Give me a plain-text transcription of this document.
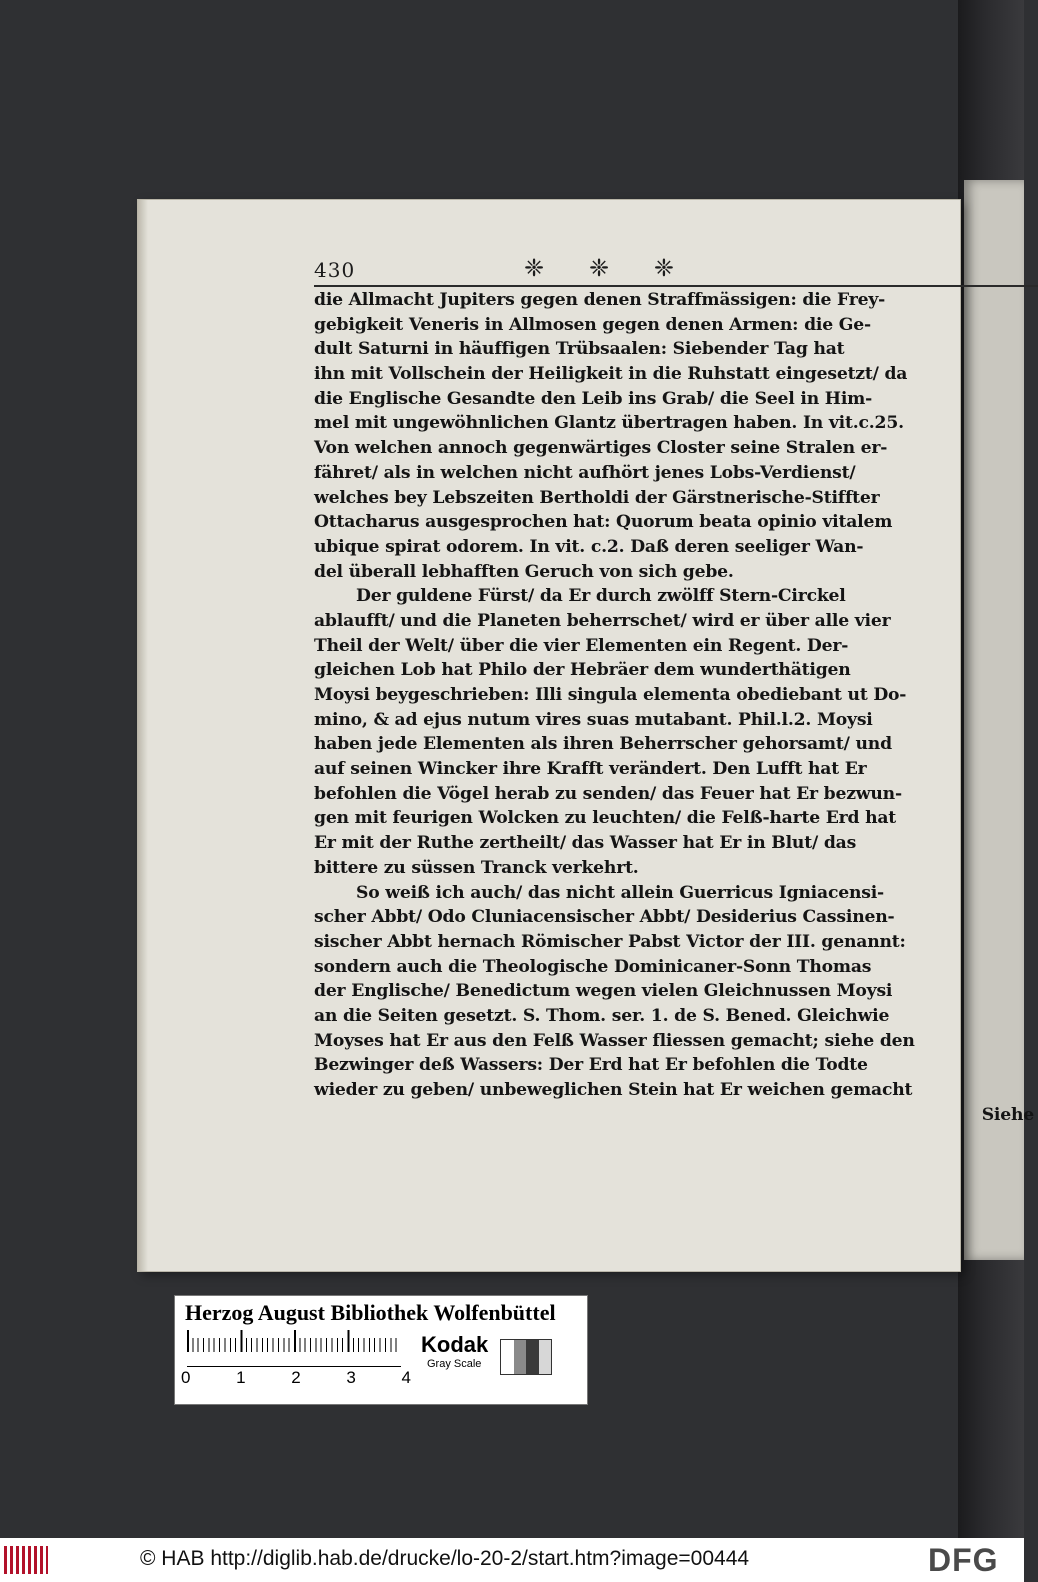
430	❈ ❈ ❈
die Allmacht Jupiters gegen denen Straffmässigen: die Frey-
gebigkeit Veneris in Allmosen gegen denen Armen: die Ge-
dult Saturni in häuffigen Trübsaalen: Siebender Tag hat
ihn mit Vollschein der Heiligkeit in die Ruhstatt eingesetzt/ da
die Englische Gesandte den Leib ins Grab/ die Seel in Him-
mel mit ungewöhnlichen Glantz übertragen haben. In vit.c.25.
Von welchen annoch gegenwärtiges Closter seine Stralen er-
fähret/ als in welchen nicht aufhört jenes Lobs-Verdienst/
welches bey Lebszeiten Bertholdi der Gärstnerische-Stiffter
Ottacharus ausgesprochen hat: Quorum beata opinio vitalem
ubique spirat odorem. In vit. c.2. Daß deren seeliger Wan-
del überall lebhafften Geruch von sich gebe.
Der guldene Fürst/ da Er durch zwölff Stern-Circkel
ablaufft/ und die Planeten beherrschet/ wird er über alle vier
Theil der Welt/ über die vier Elementen ein Regent. Der-
gleichen Lob hat Philo der Hebräer dem wunderthätigen
Moysi beygeschrieben: Illi singula elementa obediebant ut Do-
mino, & ad ejus nutum vires suas mutabant. Phil.l.2. Moysi
haben jede Elementen als ihren Beherrscher gehorsamt/ und
auf seinen Wincker ihre Krafft verändert. Den Lufft hat Er
befohlen die Vögel herab zu senden/ das Feuer hat Er bezwun-
gen mit feurigen Wolcken zu leuchten/ die Felß-harte Erd hat
Er mit der Ruthe zertheilt/ das Wasser hat Er in Blut/ das
bittere zu süssen Tranck verkehrt.
So weiß ich auch/ das nicht allein Guerricus Igniacensi-
scher Abbt/ Odo Cluniacensischer Abbt/ Desiderius Cassinen-
sischer Abbt hernach Römischer Pabst Victor der III. genannt:
sondern auch die Theologische Dominicaner-Sonn Thomas
der Englische/ Benedictum wegen vielen Gleichnussen Moysi
an die Seiten gesetzt. S. Thom. ser. 1. de S. Bened. Gleichwie
Moyses hat Er aus den Felß Wasser fliessen gemacht; siehe den
Bezwinger deß Wassers: Der Erd hat Er befohlen die Todte
wieder zu geben/ unbeweglichen Stein hat Er weichen gemacht
Siehe
Herzog August Bibliothek Wolfenbüttel
0	1	2	3	4
Kodak
Gray Scale
© HAB http://diglib.hab.de/drucke/lo-20-2/start.htm?image=00444	DFG
